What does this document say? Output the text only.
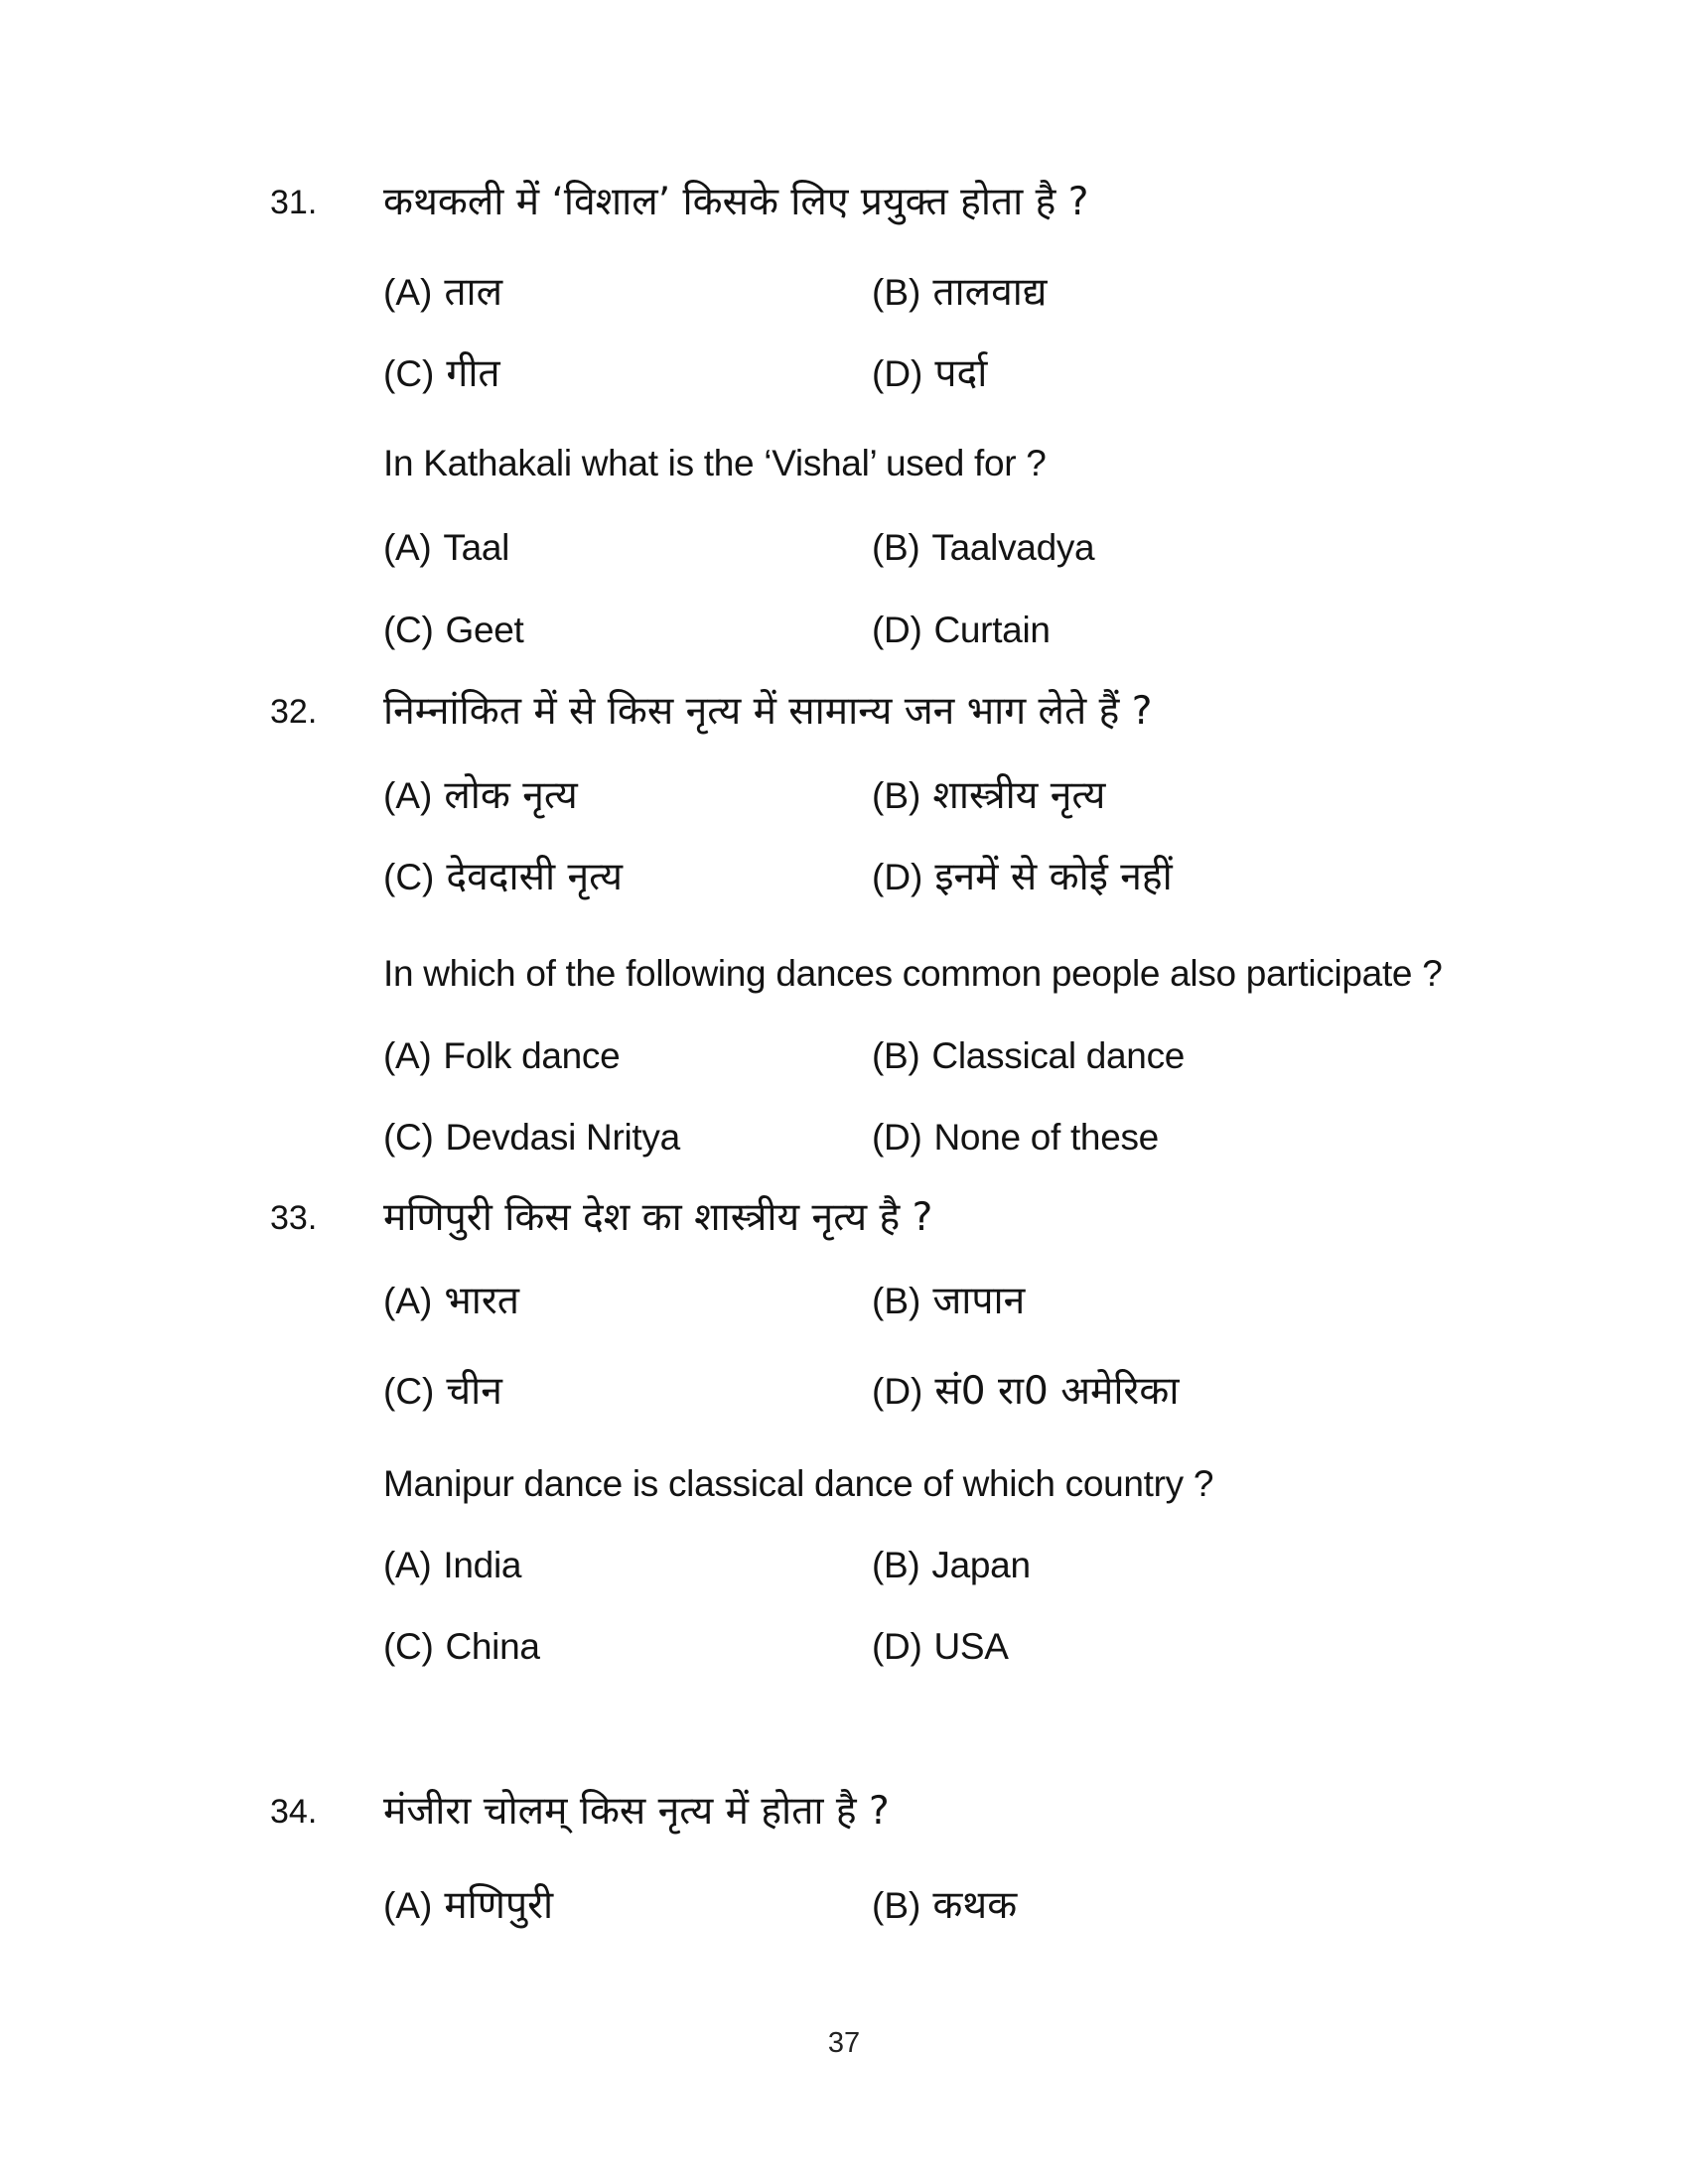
31. कथकली में ‘विशाल’ किसके लिए प्रयुक्त होता है ?
(A) ताल	(B) तालवाद्य
(C) गीत	(D) पर्दा
In Kathakali what is the ‘Vishal’ used for ?
(A) Taal	(B) Taalvadya
(C) Geet	(D) Curtain
32. निम्नांकित में से किस नृत्य में सामान्य जन भाग लेते हैं ?
(A) लोक नृत्य	(B) शास्त्रीय नृत्य
(C) देवदासी नृत्य	(D) इनमें से कोई नहीं
In which of the following dances common people also participate ?
(A) Folk dance	(B) Classical dance
(C) Devdasi Nritya	(D) None of these
33. मणिपुरी किस देश का शास्त्रीय नृत्य है ?
(A) भारत	(B) जापान
(C) चीन	(D) सं0 रा0 अमेरिका
Manipur dance is classical dance of which country ?
(A) India	(B) Japan
(C) China	(D) USA
34. मंजीरा चोलम् किस नृत्य में होता है ?
(A) मणिपुरी	(B) कथक
37
